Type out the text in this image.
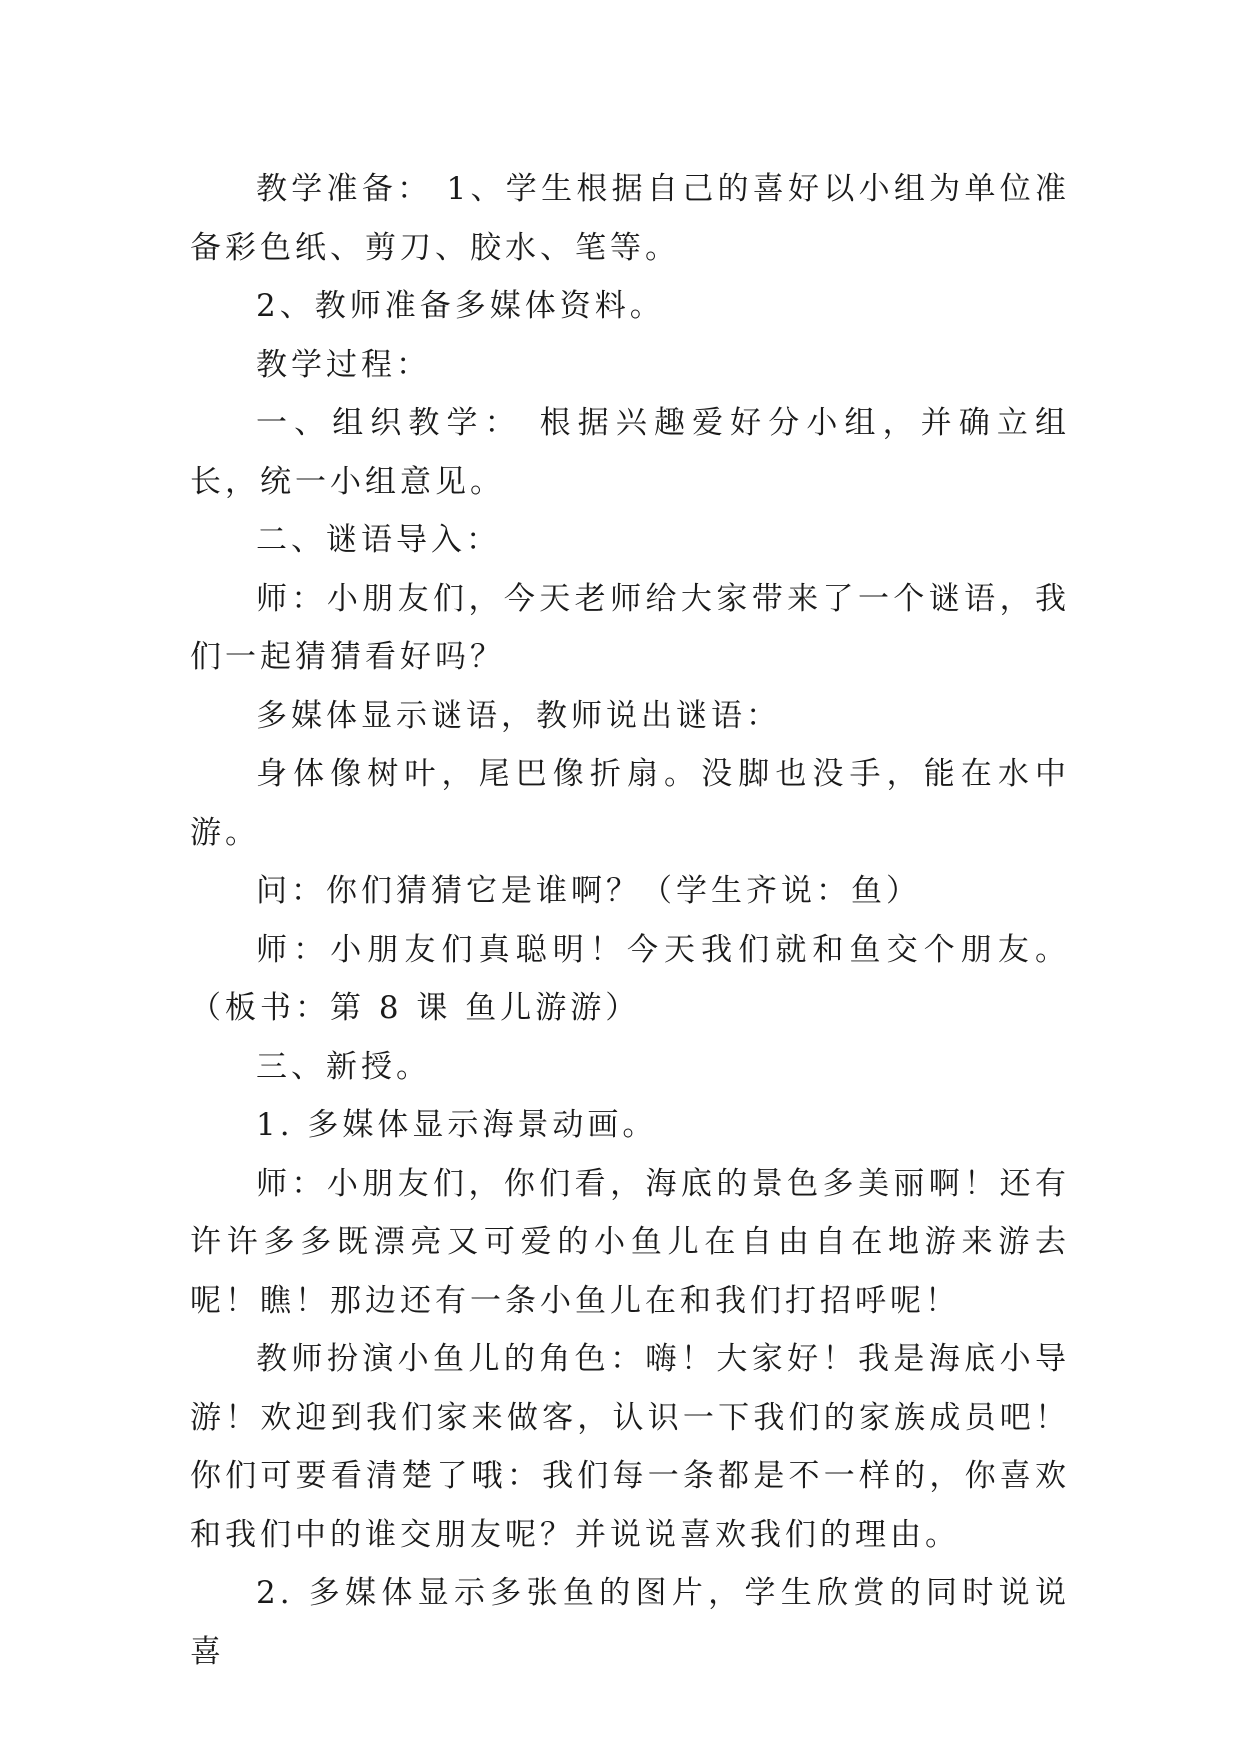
教学准备： 1、学生根据自己的喜好以小组为单位准备彩色纸、剪刀、胶水、笔等。

2、教师准备多媒体资料。

教学过程：

一、组织教学： 根据兴趣爱好分小组，并确立组长，统一小组意见。

二、谜语导入：

师：小朋友们，今天老师给大家带来了一个谜语，我们一起猜猜看好吗？

多媒体显示谜语，教师说出谜语：

身体像树叶，尾巴像折扇。没脚也没手，能在水中游。

问：你们猜猜它是谁啊？（学生齐说：鱼）

师：小朋友们真聪明！今天我们就和鱼交个朋友。（板书：第 8 课 鱼儿游游）

三、新授。

1. 多媒体显示海景动画。

师：小朋友们，你们看，海底的景色多美丽啊！还有许许多多既漂亮又可爱的小鱼儿在自由自在地游来游去呢！瞧！那边还有一条小鱼儿在和我们打招呼呢！

教师扮演小鱼儿的角色：嗨！大家好！我是海底小导游！欢迎到我们家来做客，认识一下我们的家族成员吧！你们可要看清楚了哦：我们每一条都是不一样的，你喜欢和我们中的谁交朋友呢？并说说喜欢我们的理由。

2. 多媒体显示多张鱼的图片，学生欣赏的同时说说喜
